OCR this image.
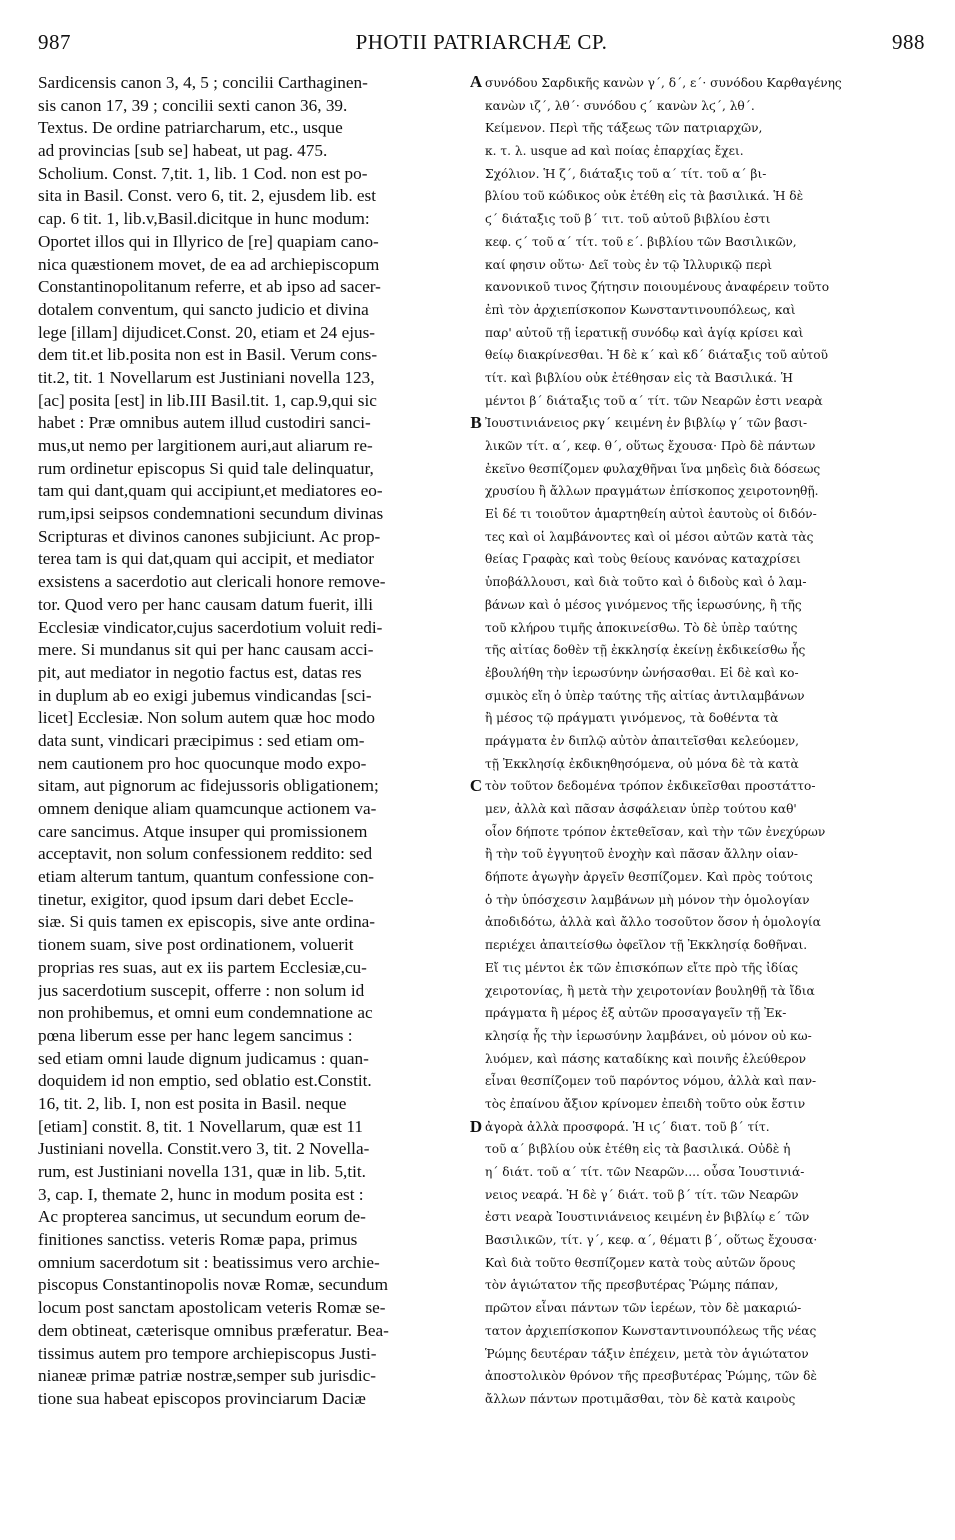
987	PHOTII PATRIARCHÆ CP.	988
Sardicensis canon 3, 4, 5 ; concilii Carthaginen-
sis canon 17, 39 ; concilii sexti canon 36, 39.
Textus. De ordine patriarcharum, etc., usque
ad provincias [sub se] habeat, ut pag. 475.
Scholium. Const. 7,tit. 1, lib. 1 Cod. non est po-
sita in Basil. Const. vero 6, tit. 2, ejusdem lib. est
cap. 6 tit. 1, lib.v,Basil.dicitque in hunc modum:
Oportet illos qui in Illyrico de [re] quapiam cano-
nica quæstionem movet, de ea ad archiepiscopum
Constantinopolitanum referre, et ab ipso ad sacer-
dotalem conventum, qui sancto judicio et divina
lege [illam] dijudicet.Const. 20, etiam et 24 ejus-
dem tit.et lib.posita non est in Basil. Verum cons-
tit.2, tit. 1 Novellarum est Justiniani novella 123,
[ac] posita [est] in lib.III Basil.tit. 1, cap.9,qui sic
habet : Præ omnibus autem illud custodiri sanci-
mus,ut nemo per largitionem auri,aut aliarum re-
rum ordinetur episcopus Si quid tale delinquatur,
tam qui dant,quam qui accipiunt,et mediatores eo-
rum,ipsi seipsos condemnationi secundum divinas
Scripturas et divinos canones subjiciunt. Ac prop-
terea tam is qui dat,quam qui accipit, et mediator
exsistens a sacerdotio aut clericali honore remove-
tor. Quod vero per hanc causam datum fuerit, illi
Ecclesiæ vindicator,cujus sacerdotium voluit redi-
mere. Si mundanus sit qui per hanc causam acci-
pit, aut mediator in negotio factus est, datas res
in duplum ab eo exigi jubemus vindicandas [sci-
licet] Ecclesiæ. Non solum autem quæ hoc modo
data sunt, vindicari præcipimus : sed etiam om-
nem cautionem pro hoc quocunque modo expo-
sitam, aut pignorum ac fidejussoris obligationem;
omnem denique aliam quamcunque actionem va-
care sancimus. Atque insuper qui promissionem
acceptavit, non solum confessionem reddito: sed
etiam alterum tantum, quantum confessione con-
tinetur, exigitor, quod ipsum dari debet Eccle-
siæ. Si quis tamen ex episcopis, sive ante ordina-
tionem suam, sive post ordinationem, voluerit
proprias res suas, aut ex iis partem Ecclesiæ,cu-
jus sacerdotium suscepit, offerre : non solum id
non prohibemus, et omni eum condemnatione ac
pœna liberum esse per hanc legem sancimus :
sed etiam omni laude dignum judicamus : quan-
doquidem id non emptio, sed oblatio est.Constit.
16, tit. 2, lib. I, non est posita in Basil. neque
[etiam] constit. 8, tit. 1 Novellarum, quæ est 11
Justiniani novella. Constit.vero 3, tit. 2 Novella-
rum, est Justiniani novella 131, quæ in lib. 5,tit.
3, cap. I, themate 2, hunc in modum posita est :
Ac propterea sancimus, ut secundum eorum de-
finitiones sanctiss. veteris Romæ papa, primus
omnium sacerdotum sit : beatissimus vero archie-
piscopus Constantinopolis novæ Romæ, secundum
locum post sanctam apostolicam veteris Romæ se-
dem obtineat, cæterisque omnibus præferatur. Bea-
tissimus autem pro tempore archiepiscopus Justi-
nianeæ primæ patriæ nostræ,semper sub jurisdic-
tione sua habeat episcopos provinciarum Daciæ
συνόδου Σαρδικῆς κανὼν γ΄, δ΄, ε΄· συνόδου Καρθαγένης
κανὼν ιζ΄, λθ΄· συνόδου ϛ΄ κανὼν λϛ΄, λθ΄.
Κείμενον. Περὶ τῆς τάξεως τῶν πατριαρχῶν,
κ. τ. λ. usque ad καὶ ποίας ἐπαρχίας ἔχει.
Σχόλιον. Ἡ ζ΄, διάταξις τοῦ α΄ τίτ. τοῦ α΄ βι-
βλίου τοῦ κώδικος οὐκ ἐτέθη εἰς τὰ βασιλικά. Ἡ δὲ
ϛ΄ διάταξις τοῦ β΄ τιτ. τοῦ αὐτοῦ βιβλίου ἐστι
κεφ. ϛ΄ τοῦ α΄ τίτ. τοῦ ε΄. βιβλίου τῶν Βασιλικῶν,
καί φησιν οὕτω· Δεῖ τοὺς ἐν τῷ Ἰλλυρικῷ περὶ
κανονικοῦ τινος ζήτησιν ποιουμένους ἀναφέρειν τοῦτο
ἐπὶ τὸν ἀρχιεπίσκοπον Κωνσταντινουπόλεως, καὶ
παρ' αὐτοῦ τῇ ἱερατικῇ συνόδῳ καὶ ἁγίᾳ κρίσει καὶ
θείῳ διακρίνεσθαι. Ἡ δὲ κ΄ καὶ κδ΄ διάταξις τοῦ αὐτοῦ
τίτ. καὶ βιβλίου οὐκ ἐτέθησαν εἰς τὰ Βασιλικά. Ἡ
μέντοι β΄ διάταξις τοῦ α΄ τίτ. τῶν Νεαρῶν ἐστι νεαρὰ
Ἰουστινιάνειος ρκγ΄ κειμένη ἐν βιβλίῳ γ΄ τῶν βασι-
λικῶν τίτ. α΄, κεφ. θ΄, οὕτως ἔχουσα· Πρὸ δὲ πάντων
ἐκεῖνο θεσπίζομεν φυλαχθῆναι ἵνα μηδεὶς διὰ δόσεως
χρυσίου ἢ ἄλλων πραγμάτων ἐπίσκοπος χειροτονηθῇ.
Εἰ δέ τι τοιοῦτον ἁμαρτηθείη αὐτοὶ ἑαυτοὺς οἱ διδόν-
τες καὶ οἱ λαμβάνοντες καὶ οἱ μέσοι αὐτῶν κατὰ τὰς
θείας Γραφὰς καὶ τοὺς θείους κανόνας καταχρίσει
ὑποβάλλουσι, καὶ διὰ τοῦτο καὶ ὁ διδοὺς καὶ ὁ λαμ-
βάνων καὶ ὁ μέσος γινόμενος τῆς ἱερωσύνης, ἢ τῆς
τοῦ κλήρου τιμῆς ἀποκινείσθω. Τὸ δὲ ὑπὲρ ταύτης
τῆς αἰτίας δοθὲν τῇ ἐκκλησίᾳ ἐκείνῃ ἐκδικείσθω ἧς
ἐβουλήθη τὴν ἱερωσύνην ὠνήσασθαι. Εἰ δὲ καὶ κο-
σμικὸς εἴη ὁ ὑπὲρ ταύτης τῆς αἰτίας ἀντιλαμβάνων
ἢ μέσος τῷ πράγματι γινόμενος, τὰ δοθέντα τὰ
πράγματα ἐν διπλῷ αὐτὸν ἀπαιτεῖσθαι κελεύομεν,
τῇ Ἐκκλησίᾳ ἐκδικηθησόμενα, οὐ μόνα δὲ τὰ κατὰ
τὸν τοῦτον δεδομένα τρόπον ἐκδικεῖσθαι προστάττο-
μεν, ἀλλὰ καὶ πᾶσαν ἀσφάλειαν ὑπὲρ τούτου καθ'
οἷον δήποτε τρόπον ἐκτεθεῖσαν, καὶ τὴν τῶν ἐνεχύρων
ἢ τὴν τοῦ ἐγγυητοῦ ἐνοχὴν καὶ πᾶσαν ἄλλην οἱαν-
δήποτε ἀγωγὴν ἀργεῖν θεσπίζομεν. Καὶ πρὸς τούτοις
ὁ τὴν ὑπόσχεσιν λαμβάνων μὴ μόνον τὴν ὁμολογίαν
ἀποδιδότω, ἀλλὰ καὶ ἄλλο τοσοῦτον ὅσον ἡ ὁμολογία
περιέχει ἀπαιτείσθω ὀφεῖλον τῇ Ἐκκλησίᾳ δοθῆναι.
Εἴ τις μέντοι ἐκ τῶν ἐπισκόπων εἴτε πρὸ τῆς ἰδίας
χειροτονίας, ἢ μετὰ τὴν χειροτονίαν βουληθῇ τὰ ἴδια
πράγματα ἢ μέρος ἐξ αὐτῶν προσαγαγεῖν τῇ Ἐκ-
κλησίᾳ ἧς τὴν ἱερωσύνην λαμβάνει, οὐ μόνον οὐ κω-
λυόμεν, καὶ πάσης καταδίκης καὶ ποινῆς ἐλεύθερον
εἶναι θεσπίζομεν τοῦ παρόντος νόμου, ἀλλὰ καὶ παν-
τὸς ἐπαίνου ἄξιον κρίνομεν ἐπειδὴ τοῦτο οὐκ ἔστιν
ἀγορὰ ἀλλὰ προσφορά. Ἡ ιϛ΄ διατ. τοῦ β΄ τίτ.
τοῦ α΄ βιβλίου οὐκ ἐτέθη εἰς τὰ βασιλικά. Οὐδὲ ἡ
η΄ διάτ. τοῦ α΄ τίτ. τῶν Νεαρῶν.... οὖσα Ἰουστινιά-
νειος νεαρά. Ἡ δὲ γ΄ διάτ. τοῦ β΄ τίτ. τῶν Νεαρῶν
ἐστι νεαρὰ Ἰουστινιάνειος κειμένη ἐν βιβλίῳ ε΄ τῶν
Βασιλικῶν, τίτ. γ΄, κεφ. α΄, θέματι β΄, οὕτως ἔχουσα·
Καὶ διὰ τοῦτο θεσπίζομεν κατὰ τοὺς αὐτῶν ὅρους
τὸν ἁγιώτατον τῆς πρεσβυτέρας Ῥώμης πάπαν,
πρῶτον εἶναι πάντων τῶν ἱερέων, τὸν δὲ μακαριώ-
τατον ἀρχιεπίσκοπον Κωνσταντινουπόλεως τῆς νέας
Ῥώμης δευτέραν τάξιν ἐπέχειν, μετὰ τὸν ἁγιώτατον
ἀποστολικὸν θρόνον τῆς πρεσβυτέρας Ῥώμης, τῶν δὲ
ἄλλων πάντων προτιμᾶσθαι, τὸν δὲ κατὰ καιροὺς
A
B
C
D
